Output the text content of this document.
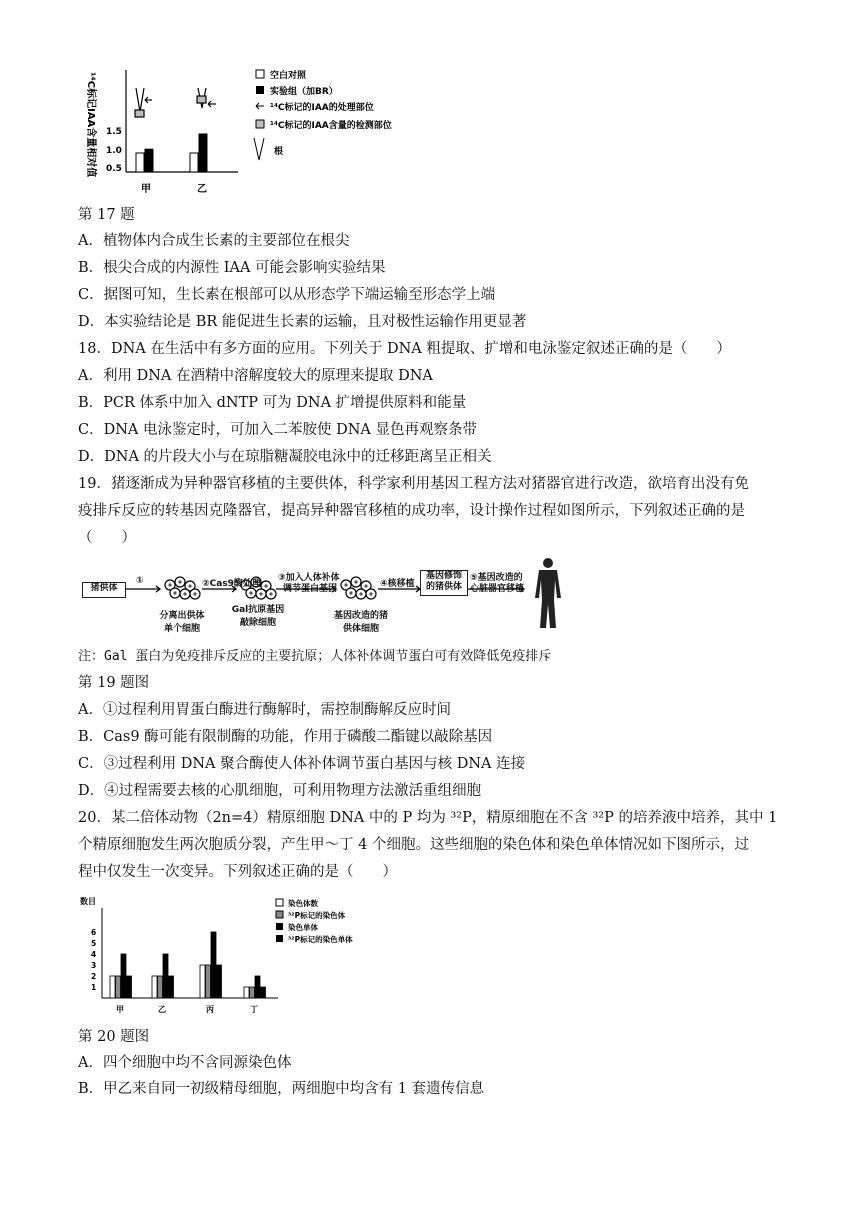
¹⁴C标记IAA含量相对值 1.5
1.0
0.5
甲	乙
空白对照
实验组（加BR）
¹⁴C标记的IAA的处理部位
¹⁴C标记的IAA含量的检测部位
根
第 17 题
A．植物体内合成生长素的主要部位在根尖
B．根尖合成的内源性 IAA 可能会影响实验结果
C．据图可知，生长素在根部可以从形态学下端运输至形态学上端
D．本实验结论是 BR 能促进生长素的运输，且对极性运输作用更显著
18．DNA 在生活中有多方面的应用。下列关于 DNA 粗提取、扩增和电泳鉴定叙述正确的是（　　）
A．利用 DNA 在酒精中溶解度较大的原理来提取 DNA
B．PCR 体系中加入 dNTP 可为 DNA 扩增提供原料和能量
C．DNA 电泳鉴定时，可加入二苯胺使 DNA 显色再观察条带
D．DNA 的片段大小与在琼脂糖凝胶电泳中的迁移距离呈正相关
19．猪逐渐成为异种器官移植的主要供体，科学家利用基因工程方法对猪器官进行改造，欲培育出没有免
疫排斥反应的转基因克隆器官，提高异种器官移植的成功率，设计操作过程如图所示，下列叙述正确的是
（　　）
猪供体
①	②Cas9酶处理
③加入人体补体
调节蛋白基因	④核移植
基因修饰
的猪供体
⑤基因改造的
心脏器官移植
分离出供体
单个细胞
Gal抗原基因
敲除细胞
基因改造的猪
供体细胞
注：Gal 蛋白为免疫排斥反应的主要抗原；人体补体调节蛋白可有效降低免疫排斥
第 19 题图
A．①过程利用胃蛋白酶进行酶解时，需控制酶解反应时间
B．Cas9 酶可能有限制酶的功能，作用于磷酸二酯键以敲除基因
C．③过程利用 DNA 聚合酶使人体补体调节蛋白基因与核 DNA 连接
D．④过程需要去核的心肌细胞，可利用物理方法激活重组细胞
20．某二倍体动物（2n=4）精原细胞 DNA 中的 P 均为 ³²P，精原细胞在不含 ³²P 的培养液中培养，其中 1
个精原细胞发生两次胞质分裂，产生甲～丁 4 个细胞。这些细胞的染色体和染色单体情况如下图所示，过
程中仅发生一次变异。下列叙述正确的是（　　）
数目
1
2
3
4
5
6
甲	乙	丙	丁
染色体数
³²P标记的染色体
染色单体
³²P标记的染色单体
第 20 题图
A．四个细胞中均不含同源染色体
B．甲乙来自同一初级精母细胞，两细胞中均含有 1 套遗传信息
